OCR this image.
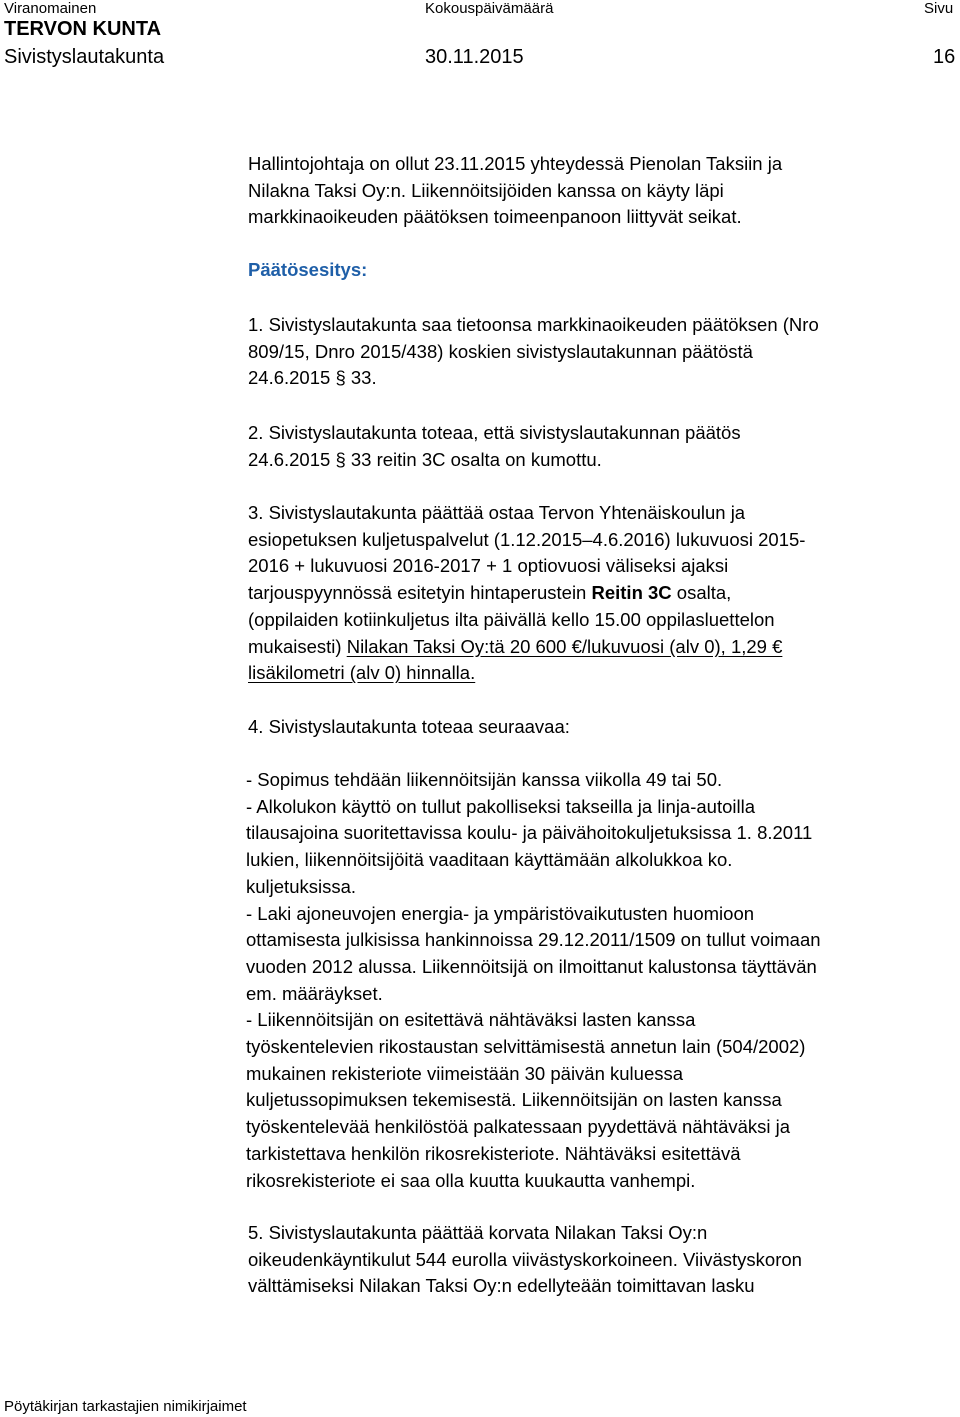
Viranomainen	Kokouspäivämäärä	Sivu
TERVON KUNTA
Sivistyslautakunta	30.11.2015	16
Hallintojohtaja on ollut 23.11.2015 yhteydessä Pienolan Taksiin ja
Nilakna Taksi Oy:n. Liikennöitsijöiden kanssa on käyty läpi
markkinaoikeuden päätöksen toimeenpanoon liittyvät seikat.
Päätösesitys:
1. Sivistyslautakunta saa tietoonsa markkinaoikeuden päätöksen (Nro
809/15, Dnro 2015/438) koskien sivistyslautakunnan päätöstä
24.6.2015 § 33.
2. Sivistyslautakunta toteaa, että sivistyslautakunnan päätös
24.6.2015 § 33 reitin 3C osalta on kumottu.
3. Sivistyslautakunta päättää ostaa Tervon Yhtenäiskoulun ja
esiopetuksen kuljetuspalvelut (1.12.2015–4.6.2016) lukuvuosi 2015-
2016 + lukuvuosi 2016-2017 + 1 optiovuosi väliseksi ajaksi
tarjouspyynnössä esitetyin hintaperustein Reitin 3C osalta,
(oppilaiden kotiinkuljetus ilta päivällä kello 15.00 oppilasluettelon
mukaisesti) Nilakan Taksi Oy:tä 20 600 €/lukuvuosi (alv 0), 1,29 €
lisäkilometri (alv 0) hinnalla.
4. Sivistyslautakunta toteaa seuraavaa:
- Sopimus tehdään liikennöitsijän kanssa viikolla 49 tai 50.
- Alkolukon käyttö on tullut pakolliseksi takseilla ja linja-autoilla
tilausajoina suoritettavissa koulu- ja päivähoitokuljetuksissa 1. 8.2011
lukien, liikennöitsijöitä vaaditaan käyttämään alkolukkoa ko.
kuljetuksissa.
- Laki ajoneuvojen energia- ja ympäristövaikutusten huomioon
ottamisesta julkisissa hankinnoissa 29.12.2011/1509 on tullut voimaan
vuoden 2012 alussa. Liikennöitsijä on ilmoittanut kalustonsa täyttävän
em. määräykset.
- Liikennöitsijän on esitettävä nähtäväksi lasten kanssa
työskentelevien rikostaustan selvittämisestä annetun lain (504/2002)
mukainen rekisteriote viimeistään 30 päivän kuluessa
kuljetussopimuksen tekemisestä. Liikennöitsijän on lasten kanssa
työskentelevää henkilöstöä palkatessaan pyydettävä nähtäväksi ja
tarkistettava henkilön rikosrekisteriote. Nähtäväksi esitettävä
rikosrekisteriote ei saa olla kuutta kuukautta vanhempi.
5. Sivistyslautakunta päättää korvata Nilakan Taksi Oy:n
oikeudenkäyntikulut 544 eurolla viivästyskorkoineen. Viivästyskoron
välttämiseksi Nilakan Taksi Oy:n edellyteään toimittavan lasku
Pöytäkirjan tarkastajien nimikirjaimet
